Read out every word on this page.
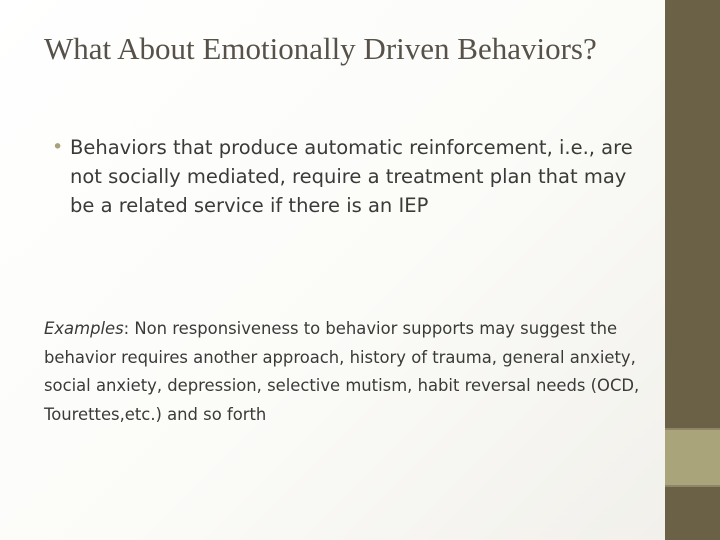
What About Emotionally Driven Behaviors?
• Behaviors that produce automatic reinforcement, i.e., are not socially mediated, require a treatment plan that may be a related service if there is an IEP

Examples: Non responsiveness to behavior supports may suggest the behavior requires another approach, history of trauma, general anxiety, social anxiety, depression, selective mutism, habit reversal needs (OCD, Tourettes,etc.) and so forth
